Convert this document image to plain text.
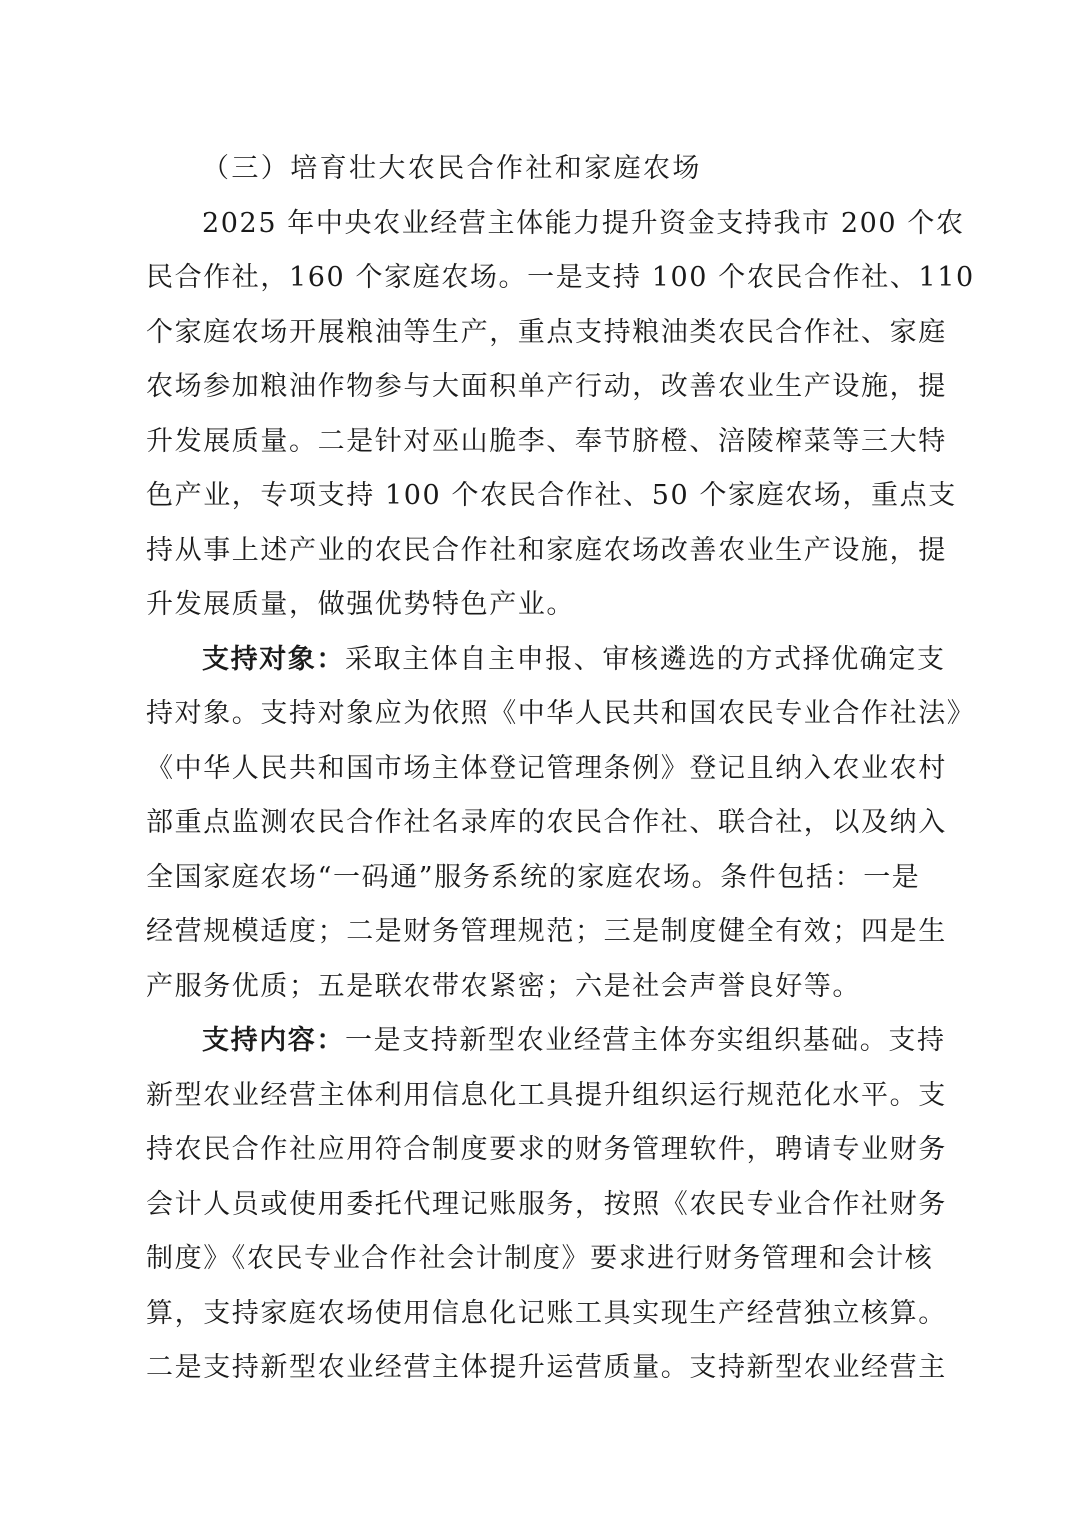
（三）培育壮大农民合作社和家庭农场
2025 年中央农业经营主体能力提升资金支持我市 200 个农
民合作社，160 个家庭农场。一是支持 100 个农民合作社、110
个家庭农场开展粮油等生产，重点支持粮油类农民合作社、家庭
农场参加粮油作物参与大面积单产行动，改善农业生产设施，提
升发展质量。二是针对巫山脆李、奉节脐橙、涪陵榨菜等三大特
色产业，专项支持 100 个农民合作社、50 个家庭农场，重点支
持从事上述产业的农民合作社和家庭农场改善农业生产设施，提
升发展质量，做强优势特色产业。
支持对象：采取主体自主申报、审核遴选的方式择优确定支
持对象。支持对象应为依照《中华人民共和国农民专业合作社法》
《中华人民共和国市场主体登记管理条例》登记且纳入农业农村
部重点监测农民合作社名录库的农民合作社、联合社，以及纳入
全国家庭农场“一码通”服务系统的家庭农场。条件包括：一是
经营规模适度；二是财务管理规范；三是制度健全有效；四是生
产服务优质；五是联农带农紧密；六是社会声誉良好等。
支持内容：一是支持新型农业经营主体夯实组织基础。支持
新型农业经营主体利用信息化工具提升组织运行规范化水平。支
持农民合作社应用符合制度要求的财务管理软件，聘请专业财务
会计人员或使用委托代理记账服务，按照《农民专业合作社财务
制度》《农民专业合作社会计制度》要求进行财务管理和会计核
算，支持家庭农场使用信息化记账工具实现生产经营独立核算。
二是支持新型农业经营主体提升运营质量。支持新型农业经营主
